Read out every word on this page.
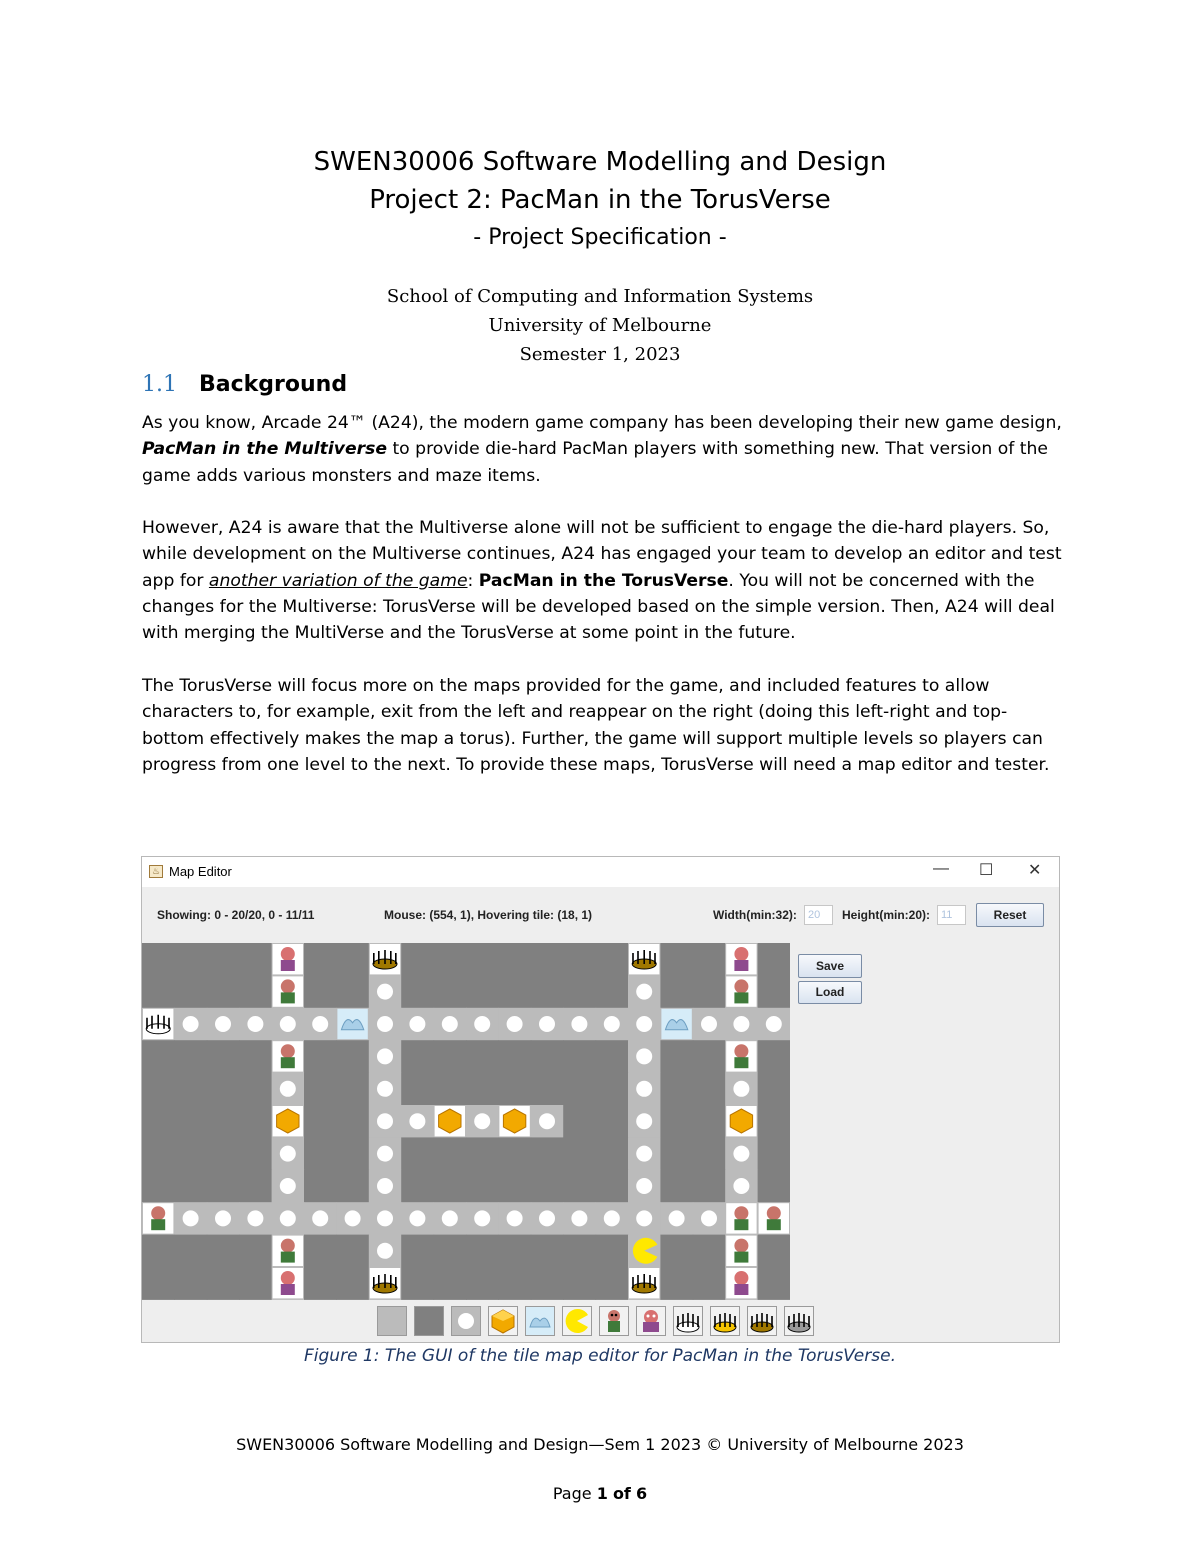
SWEN30006 Software Modelling and Design
Project 2: PacMan in the TorusVerse
- Project Specification -
School of Computing and Information Systems
University of Melbourne
Semester 1, 2023
1.1 Background
As you know, Arcade 24™ (A24), the modern game company has been developing their new game design, PacMan in the Multiverse to provide die-hard PacMan players with something new. That version of the game adds various monsters and maze items.
However, A24 is aware that the Multiverse alone will not be sufficient to engage the die-hard players. So, while development on the Multiverse continues, A24 has engaged your team to develop an editor and test app for another variation of the game: PacMan in the TorusVerse. You will not be concerned with the changes for the Multiverse: TorusVerse will be developed based on the simple version. Then, A24 will deal with merging the MultiVerse and the TorusVerse at some point in the future.
The TorusVerse will focus more on the maps provided for the game, and included features to allow characters to, for example, exit from the left and reappear on the right (doing this left-right and top-bottom effectively makes the map a torus). Further, the game will support multiple levels so players can progress from one level to the next. To provide these maps, TorusVerse will need a map editor and tester.
♨ Map Editor	— ☐ ✕
Showing: 0 - 20/20, 0 - 11/11	Mouse: (554, 1), Hovering tile: (18, 1)	Width(min:32):	20	Height(min:20):	11	Reset
Save
Load
Figure 1: The GUI of the tile map editor for PacMan in the TorusVerse.
SWEN30006 Software Modelling and Design—Sem 1 2023 © University of Melbourne 2023
Page 1 of 6
